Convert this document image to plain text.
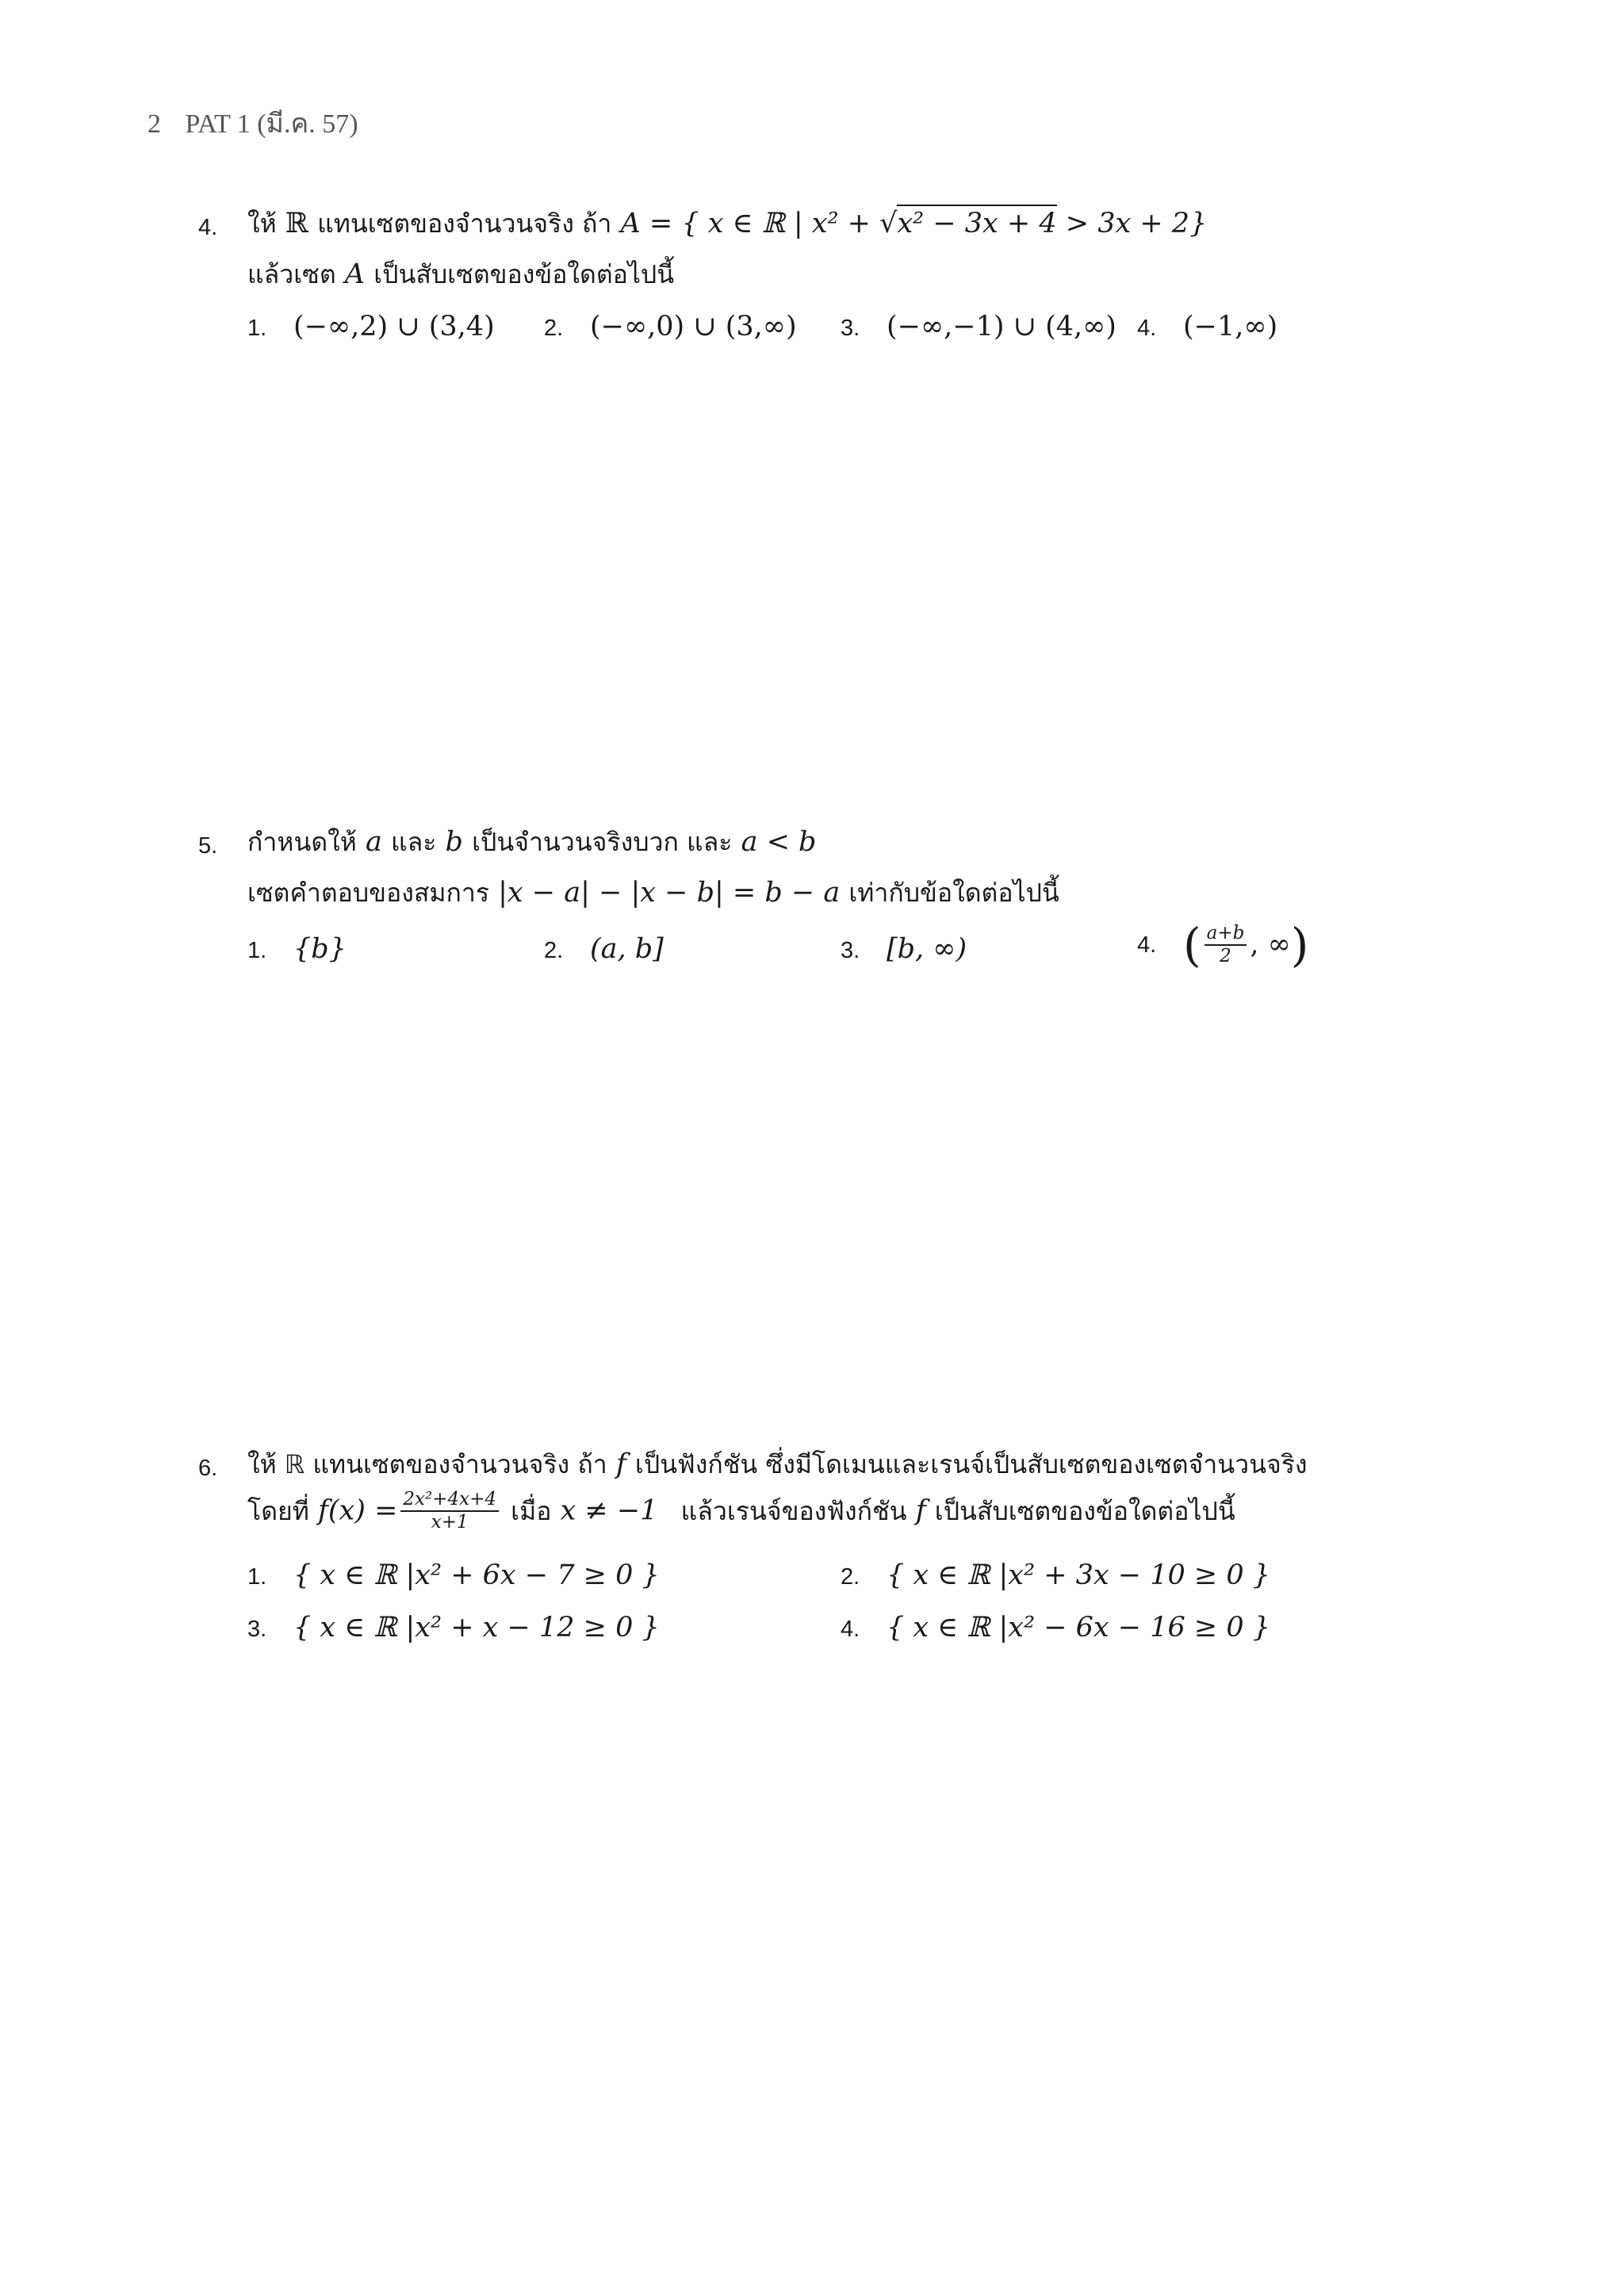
2 PAT 1 (มี.ค. 57)
4. ให้ ℝ แทนเซตของจำนวนจริง ถ้า A = { x ∈ ℝ | x² + √x² − 3x + 4 > 3x + 2}
แล้วเซต A เป็นสับเซตของข้อใดต่อไปนี้
1. (−∞,2) ∪ (3,4) 2. (−∞,0) ∪ (3,∞) 3. (−∞,−1) ∪ (4,∞) 4. (−1,∞)
5. กำหนดให้ a และ b เป็นจำนวนจริงบวก และ a < b
เซตคำตอบของสมการ |x − a| − |x − b| = b − a เท่ากับข้อใดต่อไปนี้
1. {b}	2. (a, b]	3. [b, ∞)	4. ( $\frac{a+b}{2}$ , ∞)
6. ให้ ℝ แทนเซตของจำนวนจริง ถ้า f เป็นฟังก์ชัน ซึ่งมีโดเมนและเรนจ์เป็นสับเซตของเซตจำนวนจริง
โดยที่ $f(x) = \frac{\text{2x²+4x+4}}{x+1}$ เมื่อ x ≠ −1 แล้วเรนจ์ของฟังก์ชัน f เป็นสับเซตของข้อใดต่อไปนี้
1. { x ∈ ℝ |x² + 6x − 7 ≥ 0 }	2. { x ∈ ℝ |x² + 3x − 10 ≥ 0 }
3. { x ∈ ℝ |x² + x − 12 ≥ 0 }	4. { x ∈ ℝ |x² − 6x − 16 ≥ 0 }
